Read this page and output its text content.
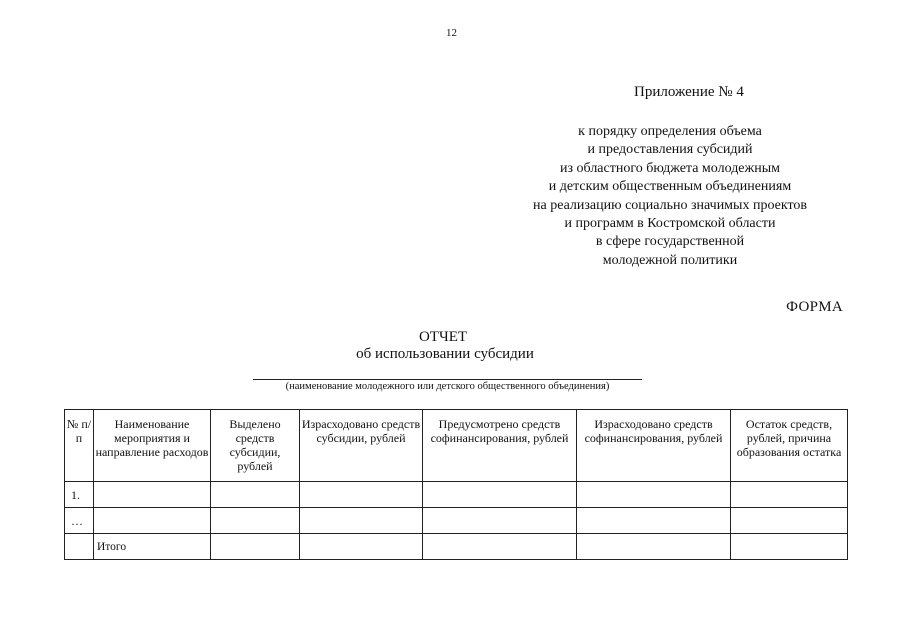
12
Приложение № 4
к порядку определения объема
и предоставления субсидий
из областного бюджета молодежным
и детским общественным объединениям
на реализацию социально значимых проектов
и программ в Костромской области
в сфере государственной
молодежной политики
ФОРМА
ОТЧЕТ
об использовании субсидии
(наименование молодежного или детского общественного объединения)
№ п/п	Наименование мероприятия и направление расходов	Выделено средств субсидии, рублей	Израсходовано средств субсидии, рублей	Предусмотрено средств софинансирования, рублей	Израсходовано средств софинансирования, рублей	Остаток средств, рублей, причина образования остатка
1.						
…						
	Итого					
